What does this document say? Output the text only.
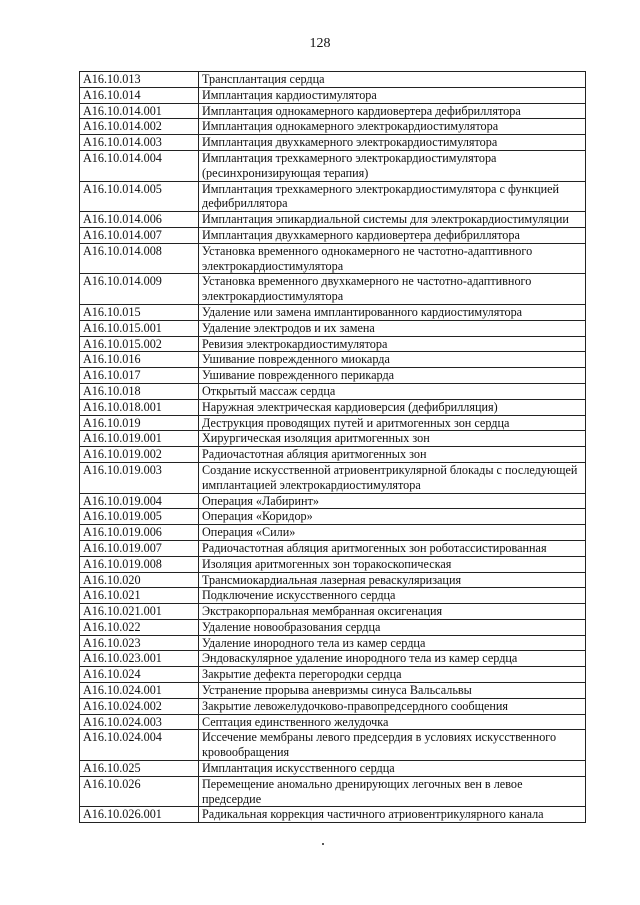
128
A16.10.013	Трансплантация сердца
A16.10.014	Имплантация кардиостимулятора
A16.10.014.001	Имплантация однокамерного кардиовертера дефибриллятора
A16.10.014.002	Имплантация однокамерного электрокардиостимулятора
A16.10.014.003	Имплантация двухкамерного электрокардиостимулятора
A16.10.014.004	Имплантация трехкамерного электрокардиостимулятора (ресинхронизирующая терапия)
A16.10.014.005	Имплантация трехкамерного электрокардиостимулятора с функцией дефибриллятора
A16.10.014.006	Имплантация эпикардиальной системы для электрокардиостимуляции
A16.10.014.007	Имплантация двухкамерного кардиовертера дефибриллятора
A16.10.014.008	Установка временного однокамерного не частотно-адаптивного электрокардиостимулятора
A16.10.014.009	Установка временного двухкамерного не частотно-адаптивного электрокардиостимулятора
A16.10.015	Удаление или замена имплантированного кардиостимулятора
A16.10.015.001	Удаление электродов и их замена
A16.10.015.002	Ревизия электрокардиостимулятора
A16.10.016	Ушивание поврежденного миокарда
A16.10.017	Ушивание поврежденного перикарда
A16.10.018	Открытый массаж сердца
A16.10.018.001	Наружная электрическая кардиоверсия (дефибрилляция)
A16.10.019	Деструкция проводящих путей и аритмогенных зон сердца
A16.10.019.001	Хирургическая изоляция аритмогенных зон
A16.10.019.002	Радиочастотная абляция аритмогенных зон
A16.10.019.003	Создание искусственной атриовентрикулярной блокады с последующей имплантацией электрокардиостимулятора
A16.10.019.004	Операция «Лабиринт»
A16.10.019.005	Операция «Коридор»
A16.10.019.006	Операция «Сили»
A16.10.019.007	Радиочастотная абляция аритмогенных зон роботассистированная
A16.10.019.008	Изоляция аритмогенных зон торакоскопическая
A16.10.020	Трансмиокардиальная лазерная реваскуляризация
A16.10.021	Подключение искусственного сердца
A16.10.021.001	Экстракорпоральная мембранная оксигенация
A16.10.022	Удаление новообразования сердца
A16.10.023	Удаление инородного тела из камер сердца
A16.10.023.001	Эндоваскулярное удаление инородного тела из камер сердца
A16.10.024	Закрытие дефекта перегородки сердца
A16.10.024.001	Устранение прорыва аневризмы синуса Вальсальвы
A16.10.024.002	Закрытие левожелудочково-правопредсердного сообщения
A16.10.024.003	Септация единственного желудочка
A16.10.024.004	Иссечение мембраны левого предсердия в условиях искусственного кровообращения
A16.10.025	Имплантация искусственного сердца
A16.10.026	Перемещение аномально дренирующих легочных вен в левое предсердие
A16.10.026.001	Радикальная коррекция частичного атриовентрикулярного канала
